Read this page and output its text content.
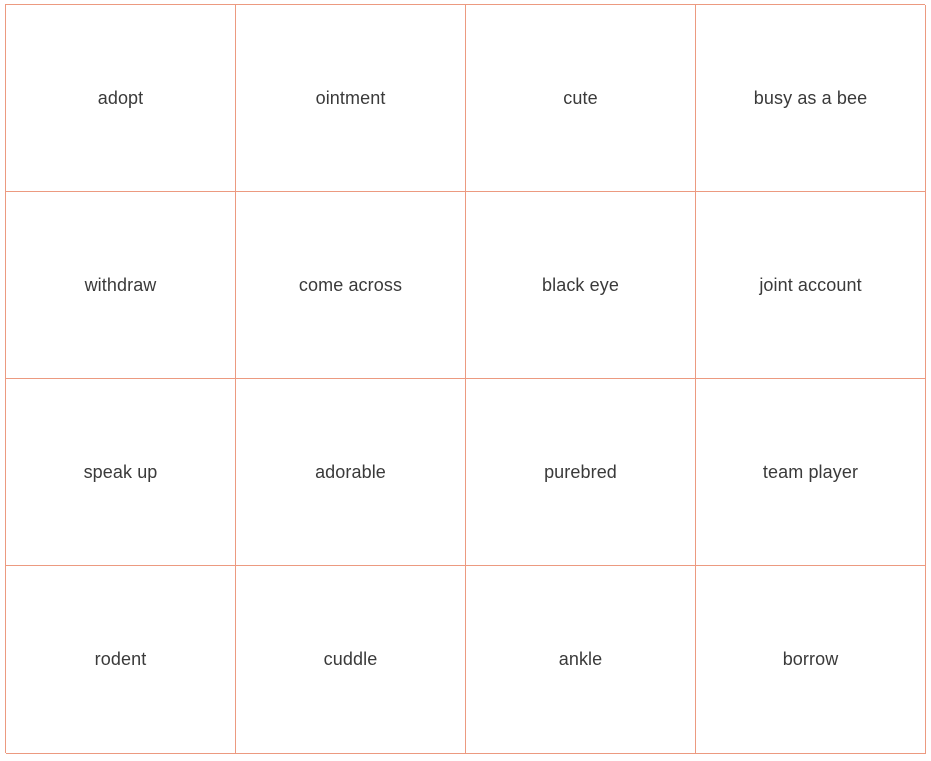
adopt	ointment	cute	busy as a bee
withdraw	come across	black eye	joint account
speak up	adorable	purebred	team player
rodent	cuddle	ankle	borrow
